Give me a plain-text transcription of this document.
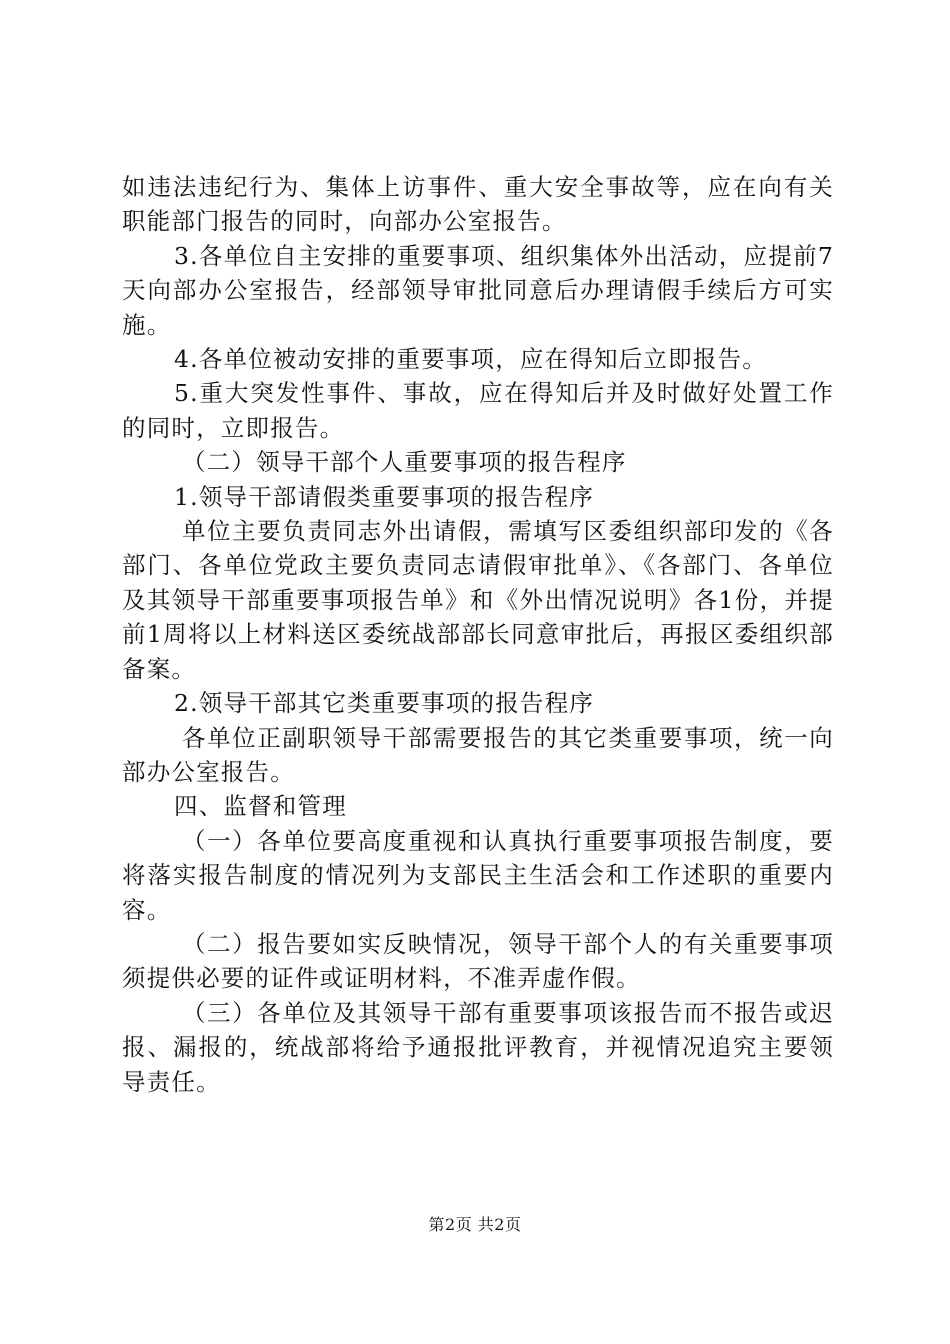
如违法违纪行为、集体上访事件、重大安全事故等，应在向有关职能部门报告的同时，向部办公室报告。

3.各单位自主安排的重要事项、组织集体外出活动，应提前7天向部办公室报告，经部领导审批同意后办理请假手续后方可实施。

4.各单位被动安排的重要事项，应在得知后立即报告。

5.重大突发性事件、事故，应在得知后并及时做好处置工作的同时，立即报告。

（二）领导干部个人重要事项的报告程序

1.领导干部请假类重要事项的报告程序

单位主要负责同志外出请假，需填写区委组织部印发的《各部门、各单位党政主要负责同志请假审批单》、《各部门、各单位及其领导干部重要事项报告单》和《外出情况说明》各1份，并提前1周将以上材料送区委统战部部长同意审批后，再报区委组织部备案。

2.领导干部其它类重要事项的报告程序

各单位正副职领导干部需要报告的其它类重要事项，统一向部办公室报告。

四、监督和管理

（一）各单位要高度重视和认真执行重要事项报告制度，要将落实报告制度的情况列为支部民主生活会和工作述职的重要内容。

（二）报告要如实反映情况，领导干部个人的有关重要事项须提供必要的证件或证明材料，不准弄虚作假。

（三）各单位及其领导干部有重要事项该报告而不报告或迟报、漏报的，统战部将给予通报批评教育，并视情况追究主要领导责任。

第2页 共2页
